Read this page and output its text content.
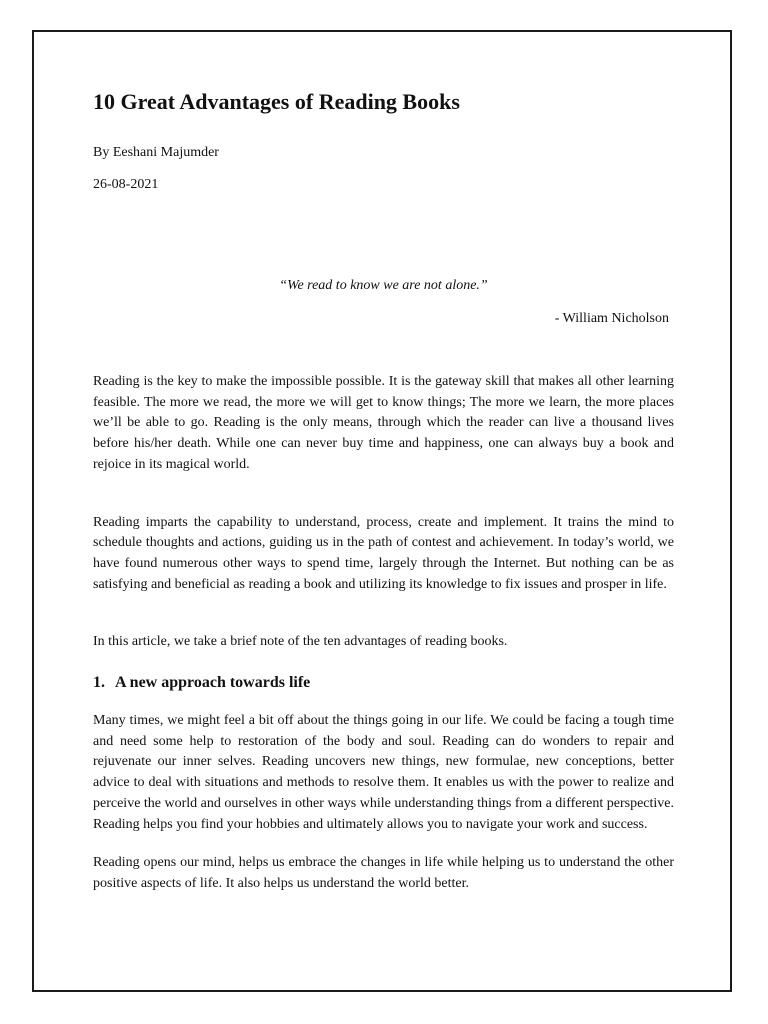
10 Great Advantages of Reading Books

By Eeshani Majumder

26-08-2021

“We read to know we are not alone.”

- William Nicholson

Reading is the key to make the impossible possible. It is the gateway skill that makes all other learning feasible. The more we read, the more we will get to know things; The more we learn, the more places we’ll be able to go. Reading is the only means, through which the reader can live a thousand lives before his/her death. While one can never buy time and happiness, one can always buy a book and rejoice in its magical world.

Reading imparts the capability to understand, process, create and implement. It trains the mind to schedule thoughts and actions, guiding us in the path of contest and achievement. In today’s world, we have found numerous other ways to spend time, largely through the Internet. But nothing can be as satisfying and beneficial as reading a book and utilizing its knowledge to fix issues and prosper in life.

In this article, we take a brief note of the ten advantages of reading books.

1. A new approach towards life

Many times, we might feel a bit off about the things going in our life. We could be facing a tough time and need some help to restoration of the body and soul. Reading can do wonders to repair and rejuvenate our inner selves. Reading uncovers new things, new formulae, new conceptions, better advice to deal with situations and methods to resolve them. It enables us with the power to realize and perceive the world and ourselves in other ways while understanding things from a different perspective. Reading helps you find your hobbies and ultimately allows you to navigate your work and success.

Reading opens our mind, helps us embrace the changes in life while helping us to understand the other positive aspects of life. It also helps us understand the world better.
